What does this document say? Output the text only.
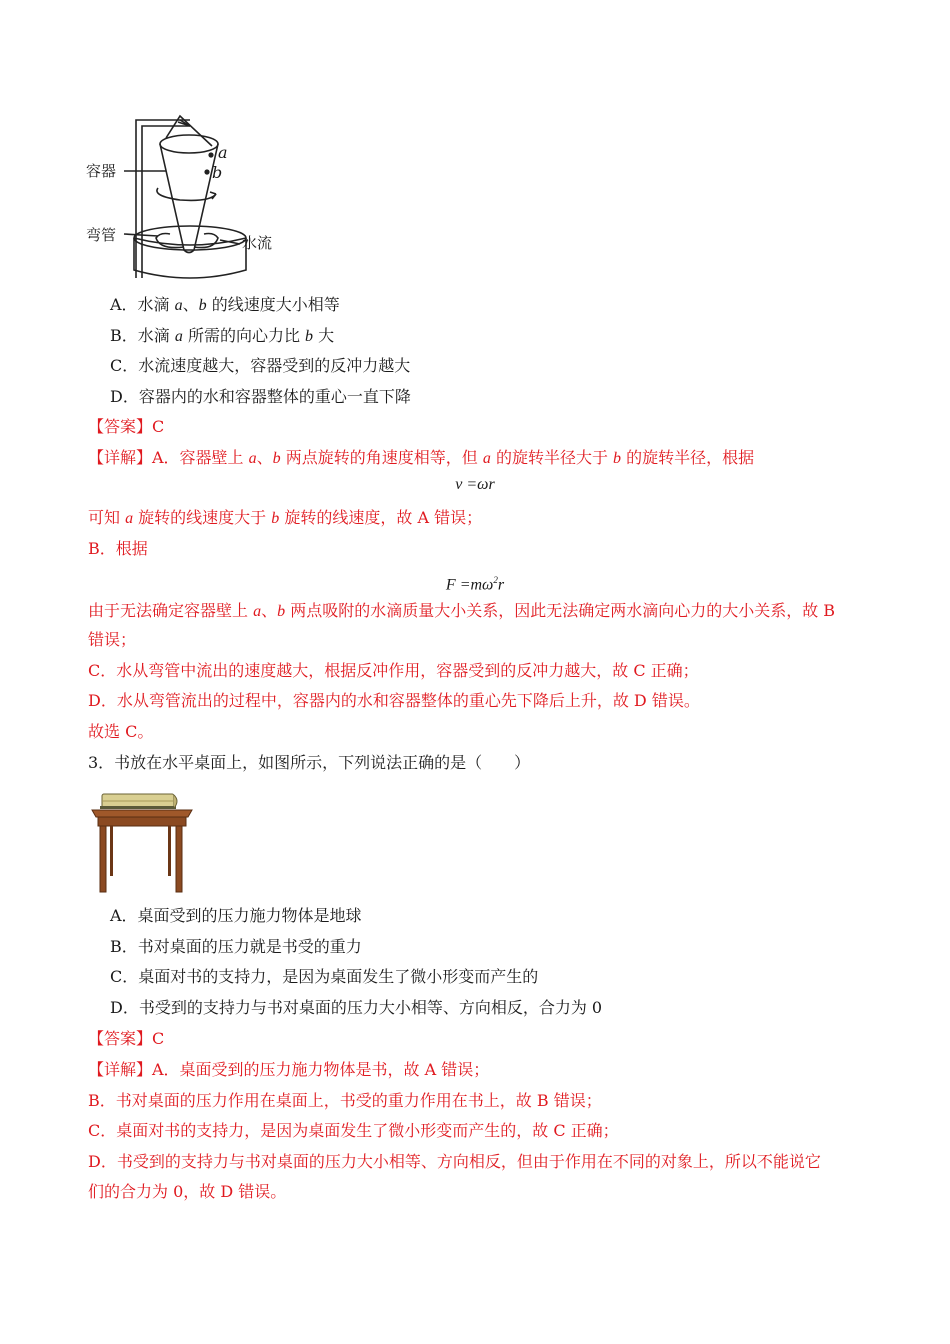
容器
弯管	水流
a
b
A．水滴 a、b 的线速度大小相等
B．水滴 a 所需的向心力比 b 大
C．水流速度越大，容器受到的反冲力越大
D．容器内的水和容器整体的重心一直下降
【答案】C
【详解】A．容器壁上 a、b 两点旋转的角速度相等，但 a 的旋转半径大于 b 的旋转半径，根据
v =ωr
可知 a 旋转的线速度大于 b 旋转的线速度，故 A 错误；
B．根据
$F =m\omega^2r$
由于无法确定容器壁上 a、b 两点吸附的水滴质量大小关系，因此无法确定两水滴向心力的大小关系，故 B
错误；
C．水从弯管中流出的速度越大，根据反冲作用，容器受到的反冲力越大，故 C 正确；
D．水从弯管流出的过程中，容器内的水和容器整体的重心先下降后上升，故 D 错误。
故选 C。
3．书放在水平桌面上，如图所示，下列说法正确的是（　　）
A．桌面受到的压力施力物体是地球
B．书对桌面的压力就是书受的重力
C．桌面对书的支持力，是因为桌面发生了微小形变而产生的
D．书受到的支持力与书对桌面的压力大小相等、方向相反，合力为 0
【答案】C
【详解】A．桌面受到的压力施力物体是书，故 A 错误；
B．书对桌面的压力作用在桌面上，书受的重力作用在书上，故 B 错误；
C．桌面对书的支持力，是因为桌面发生了微小形变而产生的，故 C 正确；
D．书受到的支持力与书对桌面的压力大小相等、方向相反，但由于作用在不同的对象上，所以不能说它
们的合力为 0，故 D 错误。
